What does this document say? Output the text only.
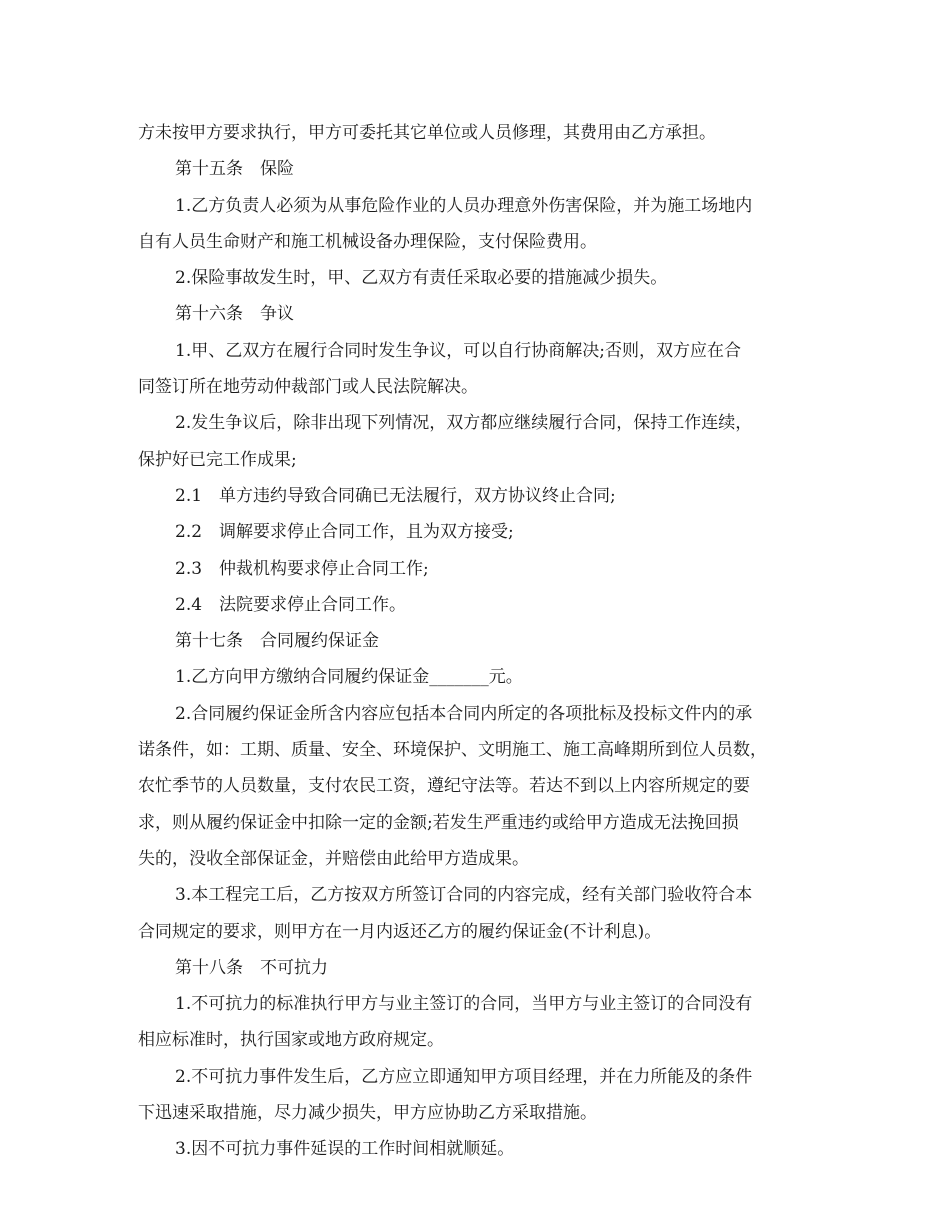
方未按甲方要求执行，甲方可委托其它单位或人员修理，其费用由乙方承担。
第十五条　保险
1.乙方负责人必须为从事危险作业的人员办理意外伤害保险，并为施工场地内
自有人员生命财产和施工机械设备办理保险，支付保险费用。
2.保险事故发生时，甲、乙双方有责任采取必要的措施减少损失。
第十六条　争议
1.甲、乙双方在履行合同时发生争议，可以自行协商解决;否则，双方应在合
同签订所在地劳动仲裁部门或人民法院解决。
2.发生争议后，除非出现下列情况，双方都应继续履行合同，保持工作连续，
保护好已完工作成果;
2.1　单方违约导致合同确已无法履行，双方协议终止合同;
2.2　调解要求停止合同工作，且为双方接受;
2.3　仲裁机构要求停止合同工作;
2.4　法院要求停止合同工作。
第十七条　合同履约保证金
1.乙方向甲方缴纳合同履约保证金_______元。
2.合同履约保证金所含内容应包括本合同内所定的各项批标及投标文件内的承
诺条件，如：工期、质量、安全、环境保护、文明施工、施工高峰期所到位人员数，
农忙季节的人员数量，支付农民工资，遵纪守法等。若达不到以上内容所规定的要
求，则从履约保证金中扣除一定的金额;若发生严重违约或给甲方造成无法挽回损
失的，没收全部保证金，并赔偿由此给甲方造成果。
3.本工程完工后，乙方按双方所签订合同的内容完成，经有关部门验收符合本
合同规定的要求，则甲方在一月内返还乙方的履约保证金(不计利息)。
第十八条　不可抗力
1.不可抗力的标准执行甲方与业主签订的合同，当甲方与业主签订的合同没有
相应标准时，执行国家或地方政府规定。
2.不可抗力事件发生后，乙方应立即通知甲方项目经理，并在力所能及的条件
下迅速采取措施，尽力减少损失，甲方应协助乙方采取措施。
3.因不可抗力事件延误的工作时间相就顺延。
